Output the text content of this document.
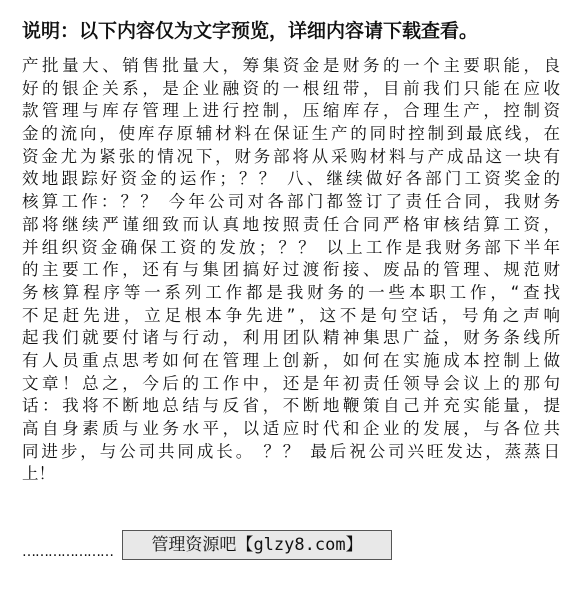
说明：以下内容仅为文字预览，详细内容请下载查看。
产批量大、销售批量大，筹集资金是财务的一个主要职能，良
好的银企关系，是企业融资的一根纽带，目前我们只能在应收
款管理与库存管理上进行控制，压缩库存，合理生产，控制资
金的流向，使库存原辅材料在保证生产的同时控制到最底线，在
资金尤为紧张的情况下，财务部将从采购材料与产成品这一块有
效地跟踪好资金的运作；？？ 八、继续做好各部门工资奖金的
核算工作：？？ 今年公司对各部门都签订了责任合同，我财务
部将继续严谨细致而认真地按照责任合同严格审核结算工资，
并组织资金确保工资的发放；？？ 以上工作是我财务部下半年
的主要工作，还有与集团搞好过渡衔接、废品的管理、规范财
务核算程序等一系列工作都是我财务的一些本职工作，“查找
不足赶先进，立足根本争先进”，这不是句空话，号角之声响
起我们就要付诸与行动，利用团队精神集思广益，财务条线所
有人员重点思考如何在管理上创新，如何在实施成本控制上做
文章！总之，今后的工作中，还是年初责任领导会议上的那句
话：我将不断地总结与反省，不断地鞭策自己并充实能量，提
高自身素质与业务水平，以适应时代和企业的发展，与各位共
同进步，与公司共同成长。 ？？ 最后祝公司兴旺发达，蒸蒸日
上！
…………………	管理资源吧【glzy8.com】
